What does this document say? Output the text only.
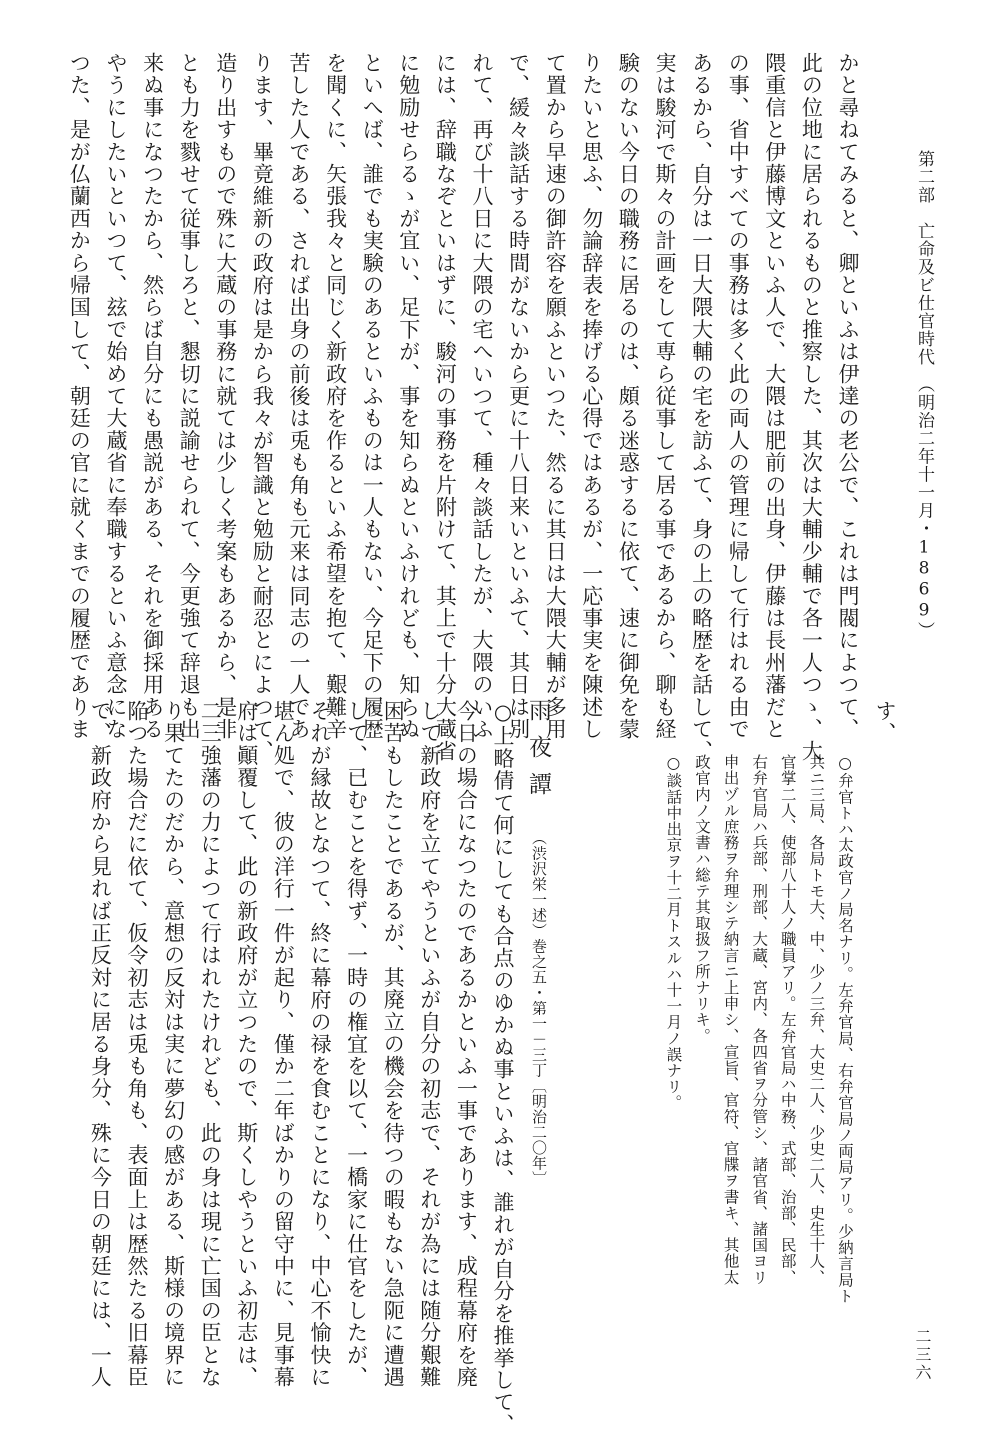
第二部　亡命及ビ仕官時代　（明治二年十一月・1869）
二三六
かと尋ねてみると、卿といふは伊達の老公で、これは門閥によつて、
此の位地に居られるものと推察した、其次は大輔少輔で各一人つゝ、大
隈重信と伊藤博文といふ人で、大隈は肥前の出身、伊藤は長州藩だと
の事、省中すべての事務は多く此の両人の管理に帰して行はれる由で
あるから、自分は一日大隈大輔の宅を訪ふて、身の上の略歴を話して、
実は駿河で斯々の計画をして専ら従事して居る事であるから、聊も経
験のない今日の職務に居るのは、頗る迷惑するに依て、速に御免を蒙
りたいと思ふ、勿論辞表を捧げる心得ではあるが、一応事実を陳述し
て置から早速の御許容を願ふといつた、然るに其日は大隈大輔が多用
で、緩々談話する時間がないから更に十八日来いといふて、其日は別
れて、再び十八日に大隈の宅へいつて、種々談話したが、大隈のいふ
には、辞職なぞといはずに、駿河の事務を片附けて、其上で十分大蔵省
に勉励せらるゝが宜い、足下が、事を知らぬといふけれども、知らぬ
といへば、誰でも実験のあるといふものは一人もない、今足下の履歴
を聞くに、矢張我々と同じく新政府を作るといふ希望を抱て、艱難辛
苦した人である、されば出身の前後は兎も角も元来は同志の一人であ
ります、畢竟維新の政府は是から我々が智識と勉励と耐忍とによつて、
造り出すもので殊に大蔵の事務に就ては少しく考案もあるから、是非
とも力を戮せて従事しろと、懇切に説諭せられて、今更強て辞退も出
来ぬ事になつたから、然らば自分にも愚説がある、それを御採用ある
やうにしたいといつて、玆で始めて大蔵省に奉職するといふ意念にな
つた、是が仏蘭西から帰国して、朝廷の官に就くまでの履歴でありま	す、
○弁官トハ太政官ノ局名ナリ。左弁官局、右弁官局ノ両局アリ。少納言局ト
共ニ三局、各局トモ大、中、少ノ三弁、大史二人、少史二人、史生十人、
官掌二人、使部八十人ノ職員アリ。左弁官局ハ中務、式部、治部、民部、
右弁官局ハ兵部、刑部、大蔵、宮内、各四省ヲ分管シ、諸官省、諸国ヨリ
申出ヅル庶務ヲ弁理シテ納言ニ上申シ、宣旨、官符、官牒ヲ書キ、其他太
政官内ノ文書ハ総テ其取扱フ所ナリキ。
○談話中出京ヲ十二月トスルハ十一月ノ誤ナリ。
雨夜譚
（渋沢栄一述）巻之五・第一－三丁〔明治二〇年〕
○上略倩て何にしても合点のゆかぬ事といふは、誰れが自分を推挙して、
今日の場合になつたのであるかといふ一事であります、成程幕府を廃
して新政府を立てやうといふが自分の初志で、それが為には随分艱難
困苦もしたことであるが、其廃立の機会を待つの暇もない急阨に遭遇
して、已むことを得ず、一時の権宜を以て、一橋家に仕官をしたが、
それが縁故となつて、終に幕府の禄を食むことになり、中心不愉快に
堪ん処で、彼の洋行一件が起り、僅か二年ばかりの留守中に、見事幕
府は顚覆して、此の新政府が立つたので、斯くしやうといふ初志は、
二三強藩の力によつて行はれたけれども、此の身は現に亡国の臣とな
り果てたのだから、意想の反対は実に夢幻の感がある、斯様の境界に
陥つた場合だに依て、仮令初志は兎も角も、表面上は歴然たる旧幕臣
で、新政府から見れば正反対に居る身分、殊に今日の朝廷には、一人
